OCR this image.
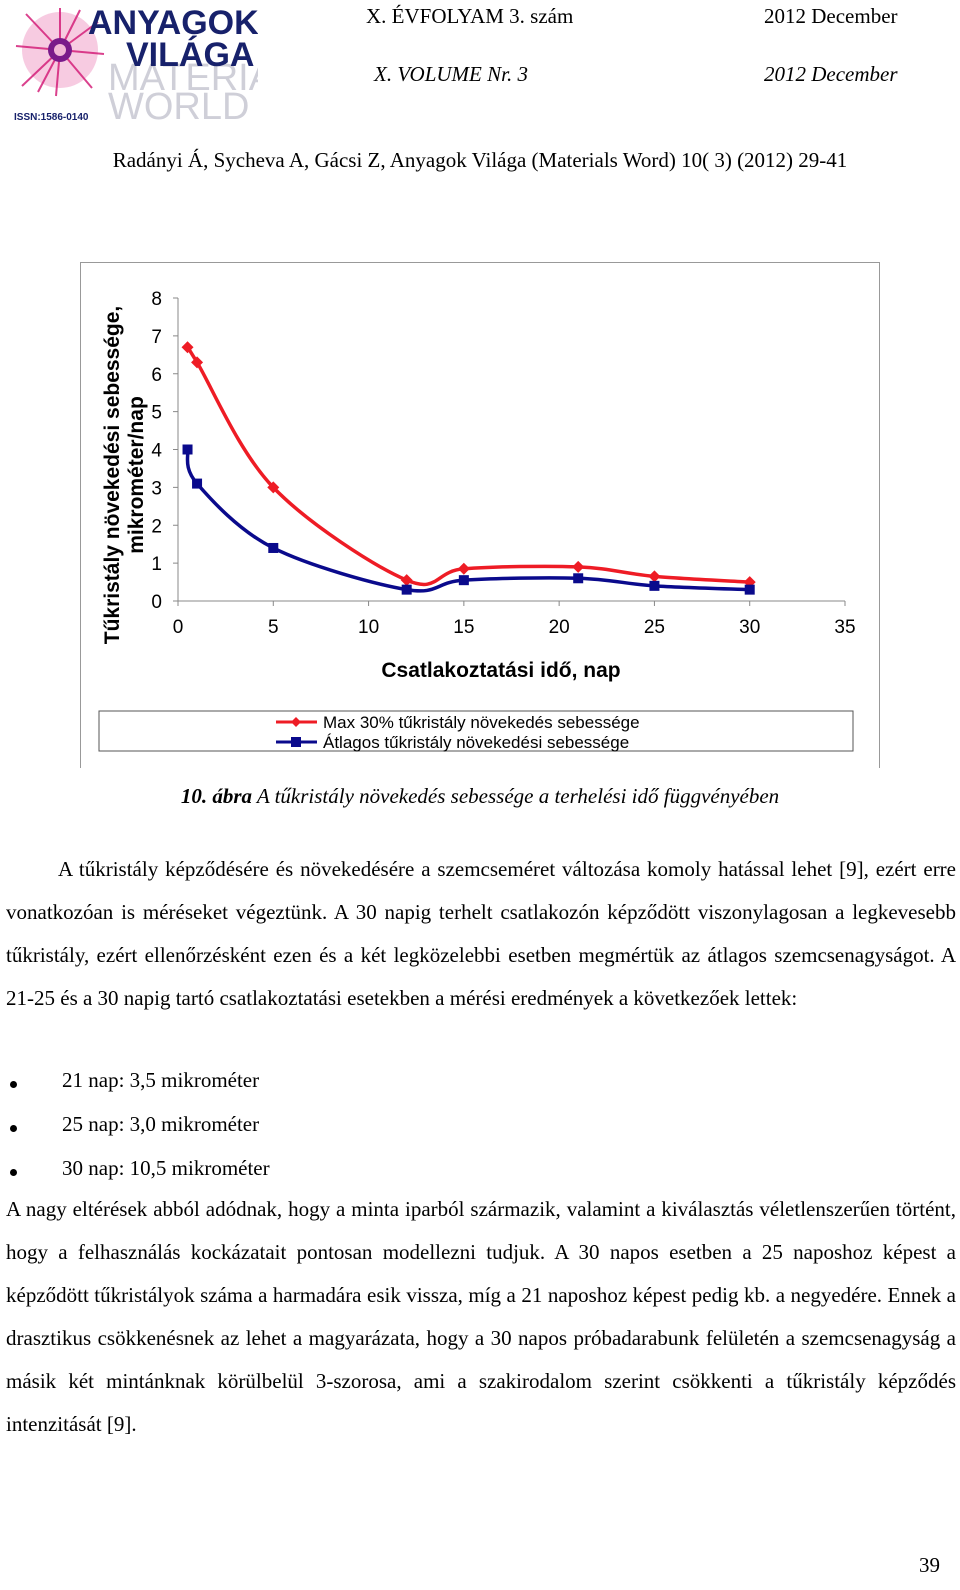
MATERI
WORLD
ANYAGOK
VILÁGA
ISSN:1586-0140
X. ÉVFOLYAM 3. szám	2012 December
X. VOLUME Nr. 3	2012 December
Radányi Á, Sycheva A, Gácsi Z, Anyagok Világa (Materials Word) 10( 3) (2012) 29-41
0
1
2
3
4
5
6
7
8
0	5	10	15	20	25	30	35
Tűkristály növekedési sebessége, mikrométer/nap
Csatlakoztatási idő, nap
Max 30% tűkristály növekedés sebessége
Átlagos tűkristály növekedési sebessége
10. ábra A tűkristály növekedés sebessége a terhelési idő függvényében

A tűkristály képződésére és növekedésére a szemcseméret változása komoly hatással lehet [9], ezért erre vonatkozóan is méréseket végeztünk. A 30 napig terhelt csatlakozón képződött viszonylagosan a legkevesebb tűkristály, ezért ellenőrzésként ezen és a két legközelebbi esetben megmértük az átlagos szemcsenagyságot. A 21-25 és a 30 napig tartó csatlakoztatási esetekben a mérési eredmények a következőek lettek:

21 nap: 3,5 mikrométer
25 nap: 3,0 mikrométer
30 nap: 10,5 mikrométer

A nagy eltérések abból adódnak, hogy a minta iparból származik, valamint a kiválasztás véletlenszerűen történt, hogy a felhasználás kockázatait pontosan modellezni tudjuk. A 30 napos esetben a 25 naposhoz képest a képződött tűkristályok száma a harmadára esik vissza, míg a 21 naposhoz képest pedig kb. a negyedére. Ennek a drasztikus csökkenésnek az lehet a magyarázata, hogy a 30 napos próbadarabunk felületén a szemcsenagyság a másik két mintánknak körülbelül 3-szorosa, ami a szakirodalom szerint csökkenti a tűkristály képződés intenzitását [9].

39
